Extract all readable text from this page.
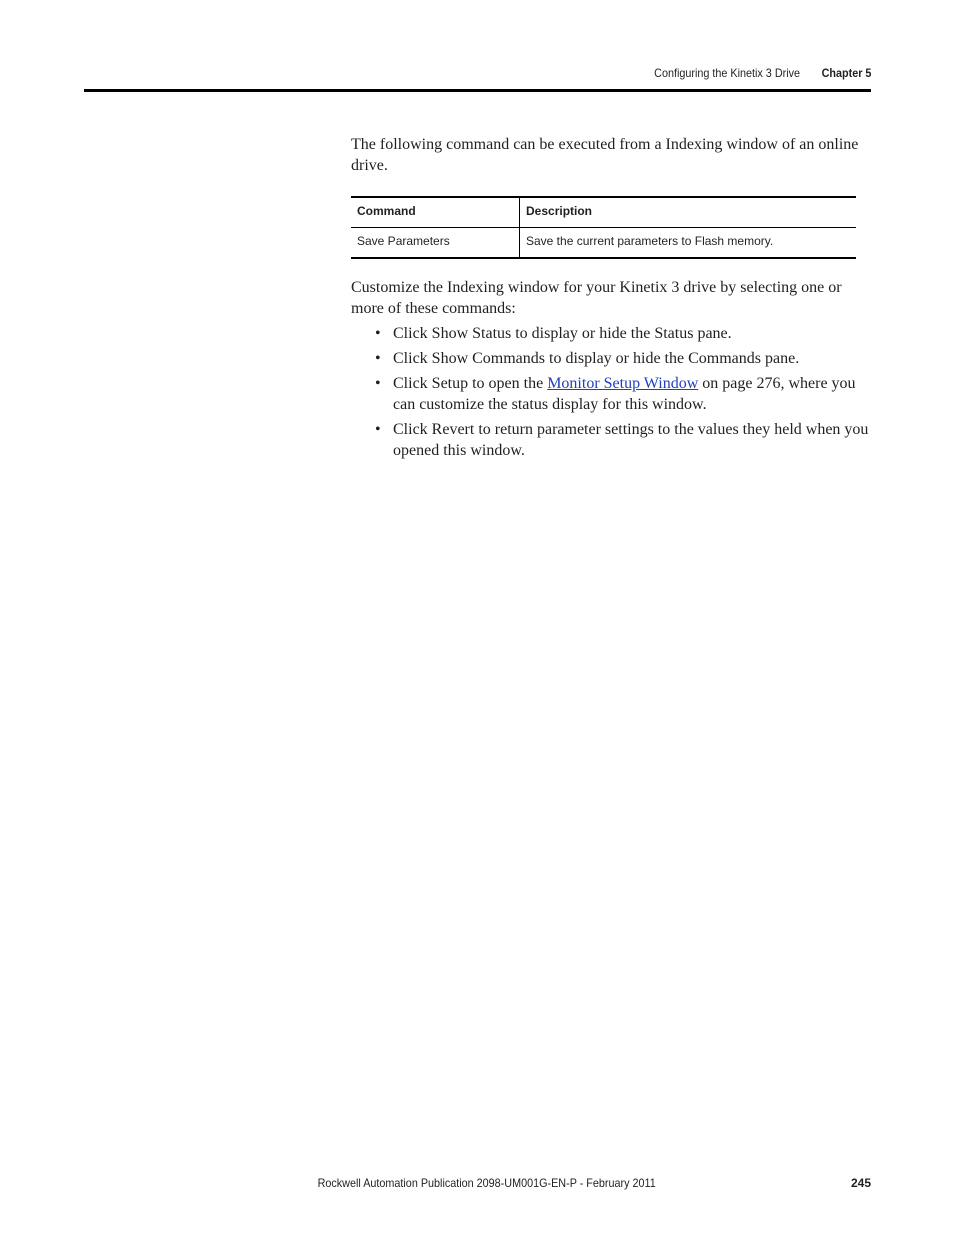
Configuring the Kinetix 3 Drive Chapter 5

The following command can be executed from a Indexing window of an online drive.

Command	Description
Save Parameters	Save the current parameters to Flash memory.

Customize the Indexing window for your Kinetix 3 drive by selecting one or more of these commands:

• Click Show Status to display or hide the Status pane.
• Click Show Commands to display or hide the Commands pane.
• Click Setup to open the Monitor Setup Window on page 276, where you can customize the status display for this window.
• Click Revert to return parameter settings to the values they held when you opened this window.
Rockwell Automation Publication 2098-UM001G-EN-P - February 2011	245
